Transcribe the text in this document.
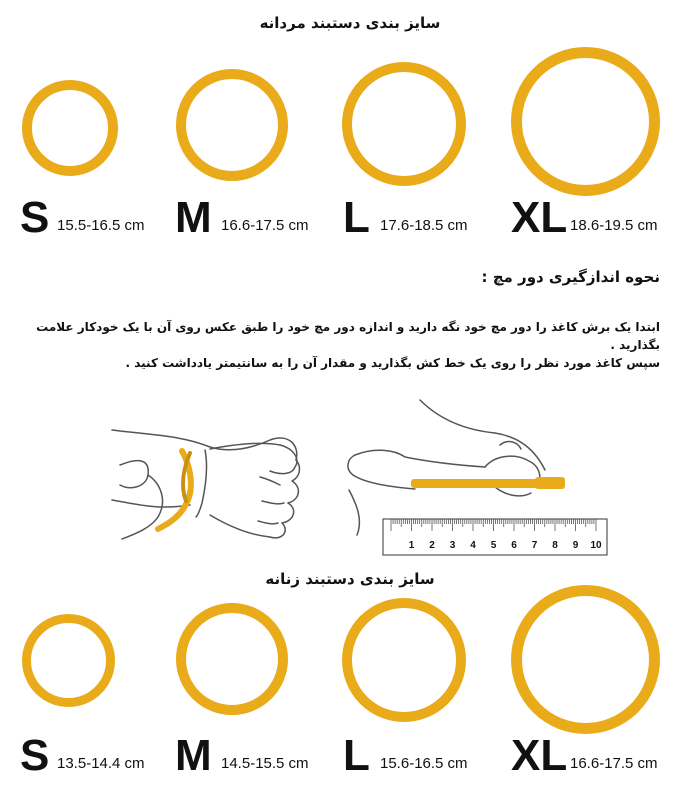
سایز بندی دستبند مردانه
S 15.5-16.5 cm M 16.6-17.5 cm L 17.6-18.5 cm XL 18.6-19.5 cm
نحوه اندازگیری دور مچ :
ابتدا یک برش کاغذ را دور مچ خود نگه دارید و اندازه دور مچ خود را طبق عکس روی آن با یک خودکار علامت
بگذارید .
سپس کاغذ مورد نظر را روی یک خط کش بگذارید و مقدار آن را به سانتیمتر یادداشت کنید .
1 2 3 4 5 6 7 8 9 10
سایز بندی دستبند زنانه
S 13.5-14.4 cm M 14.5-15.5 cm L 15.6-16.5 cm XL 16.6-17.5 cm
